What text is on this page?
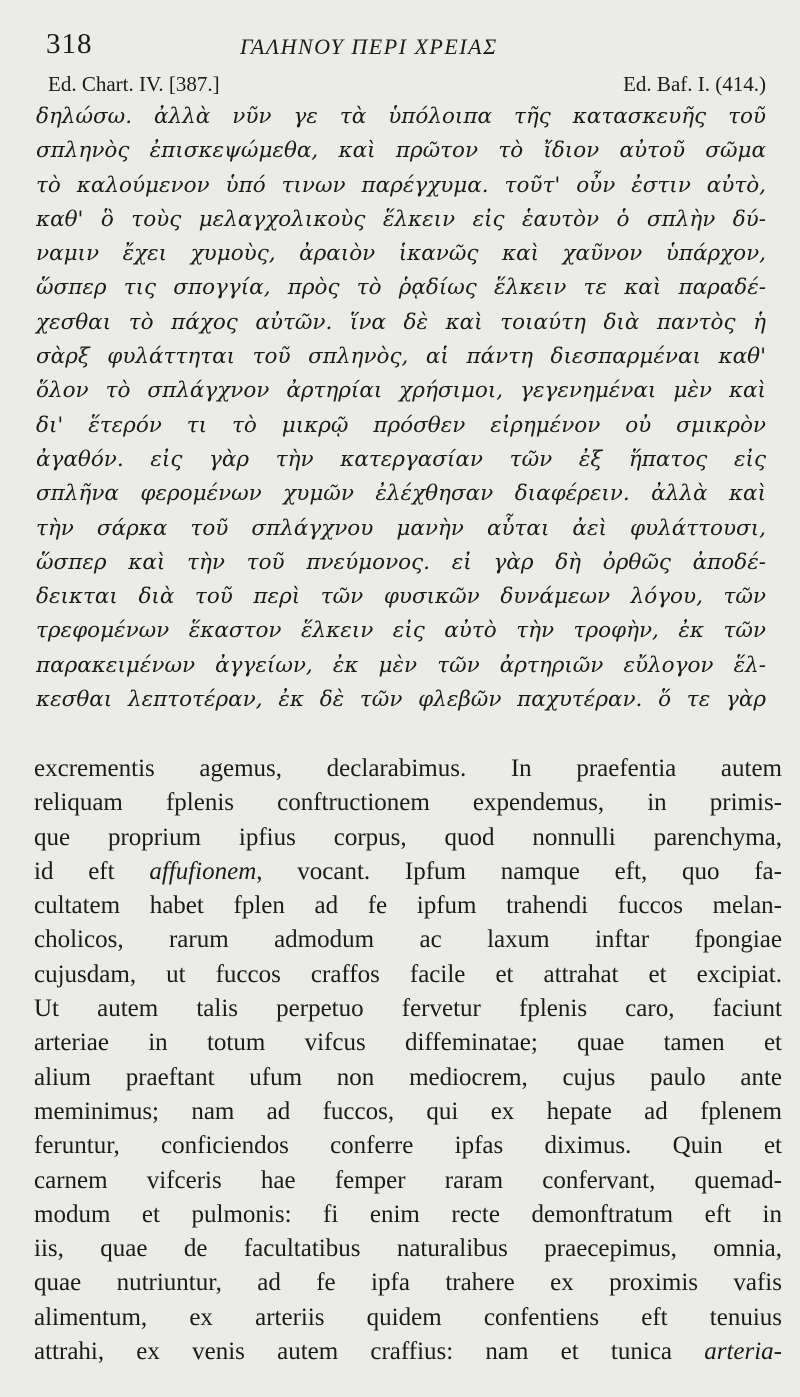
318	ΓΑΛΗΝΟΥ ΠΕΡΙ ΧΡΕΙΑΣ
Ed. Chart. IV. [387.]	Ed. Baf. I. (414.)
δηλώσω. ἀλλὰ νῦν γε τὰ ὑπόλοιπα τῆς κατασκευῆς τοῦ
σπληνὸς ἐπισκεψώμεθα, καὶ πρῶτον τὸ ἴδιον αὐτοῦ σῶμα
τὸ καλούμενον ὑπό τινων παρέγχυμα. τοῦτ' οὖν ἐστιν αὐτὸ,
καθ' ὃ τοὺς μελαγχολικοὺς ἕλκειν εἰς ἑαυτὸν ὁ σπλὴν δύ-
ναμιν ἔχει χυμοὺς, ἀραιὸν ἱκανῶς καὶ χαῦνον ὑπάρχον,
ὥσπερ τις σπογγία, πρὸς τὸ ῥᾳδίως ἕλκειν τε καὶ παραδέ-
χεσθαι τὸ πάχος αὐτῶν. ἵνα δὲ καὶ τοιαύτη διὰ παντὸς ἡ
σὰρξ φυλάττηται τοῦ σπληνὸς, αἱ πάντη διεσπαρμέναι καθ'
ὅλον τὸ σπλάγχνον ἀρτηρίαι χρήσιμοι, γεγενημέναι μὲν καὶ
δι' ἕτερόν τι τὸ μικρῷ πρόσθεν εἰρημένον οὐ σμικρὸν
ἀγαθόν. εἰς γὰρ τὴν κατεργασίαν τῶν ἐξ ἥπατος εἰς
σπλῆνα φερομένων χυμῶν ἐλέχθησαν διαφέρειν. ἀλλὰ καὶ
τὴν σάρκα τοῦ σπλάγχνου μανὴν αὗται ἀεὶ φυλάττουσι,
ὥσπερ καὶ τὴν τοῦ πνεύμονος. εἰ γὰρ δὴ ὀρθῶς ἀποδέ-
δεικται διὰ τοῦ περὶ τῶν φυσικῶν δυνάμεων λόγου, τῶν
τρεφομένων ἕκαστον ἕλκειν εἰς αὐτὸ τὴν τροφὴν, ἐκ τῶν
παρακειμένων ἀγγείων, ἐκ μὲν τῶν ἀρτηριῶν εὔλογον ἕλ-
κεσθαι λεπτοτέραν, ἐκ δὲ τῶν φλεβῶν παχυτέραν. ὅ τε γὰρ
excrementis agemus, declarabimus. In praefentia autem
reliquam fplenis conftructionem expendemus, in primis-
que proprium ipfius corpus, quod nonnulli parenchyma,
id eft affufionem, vocant. Ipfum namque eft, quo fa-
cultatem habet fplen ad fe ipfum trahendi fuccos melan-
cholicos, rarum admodum ac laxum inftar fpongiae
cujusdam, ut fuccos craffos facile et attrahat et excipiat.
Ut autem talis perpetuo fervetur fplenis caro, faciunt
arteriae in totum vifcus diffeminatae; quae tamen et
alium praeftant ufum non mediocrem, cujus paulo ante
meminimus; nam ad fuccos, qui ex hepate ad fplenem
feruntur, conficiendos conferre ipfas diximus. Quin et
carnem vifceris hae femper raram confervant, quemad-
modum et pulmonis: fi enim recte demonftratum eft in
iis, quae de facultatibus naturalibus praecepimus, omnia,
quae nutriuntur, ad fe ipfa trahere ex proximis vafis
alimentum, ex arteriis quidem confentiens eft tenuius
attrahi, ex venis autem craffius: nam et tunica arteria-
